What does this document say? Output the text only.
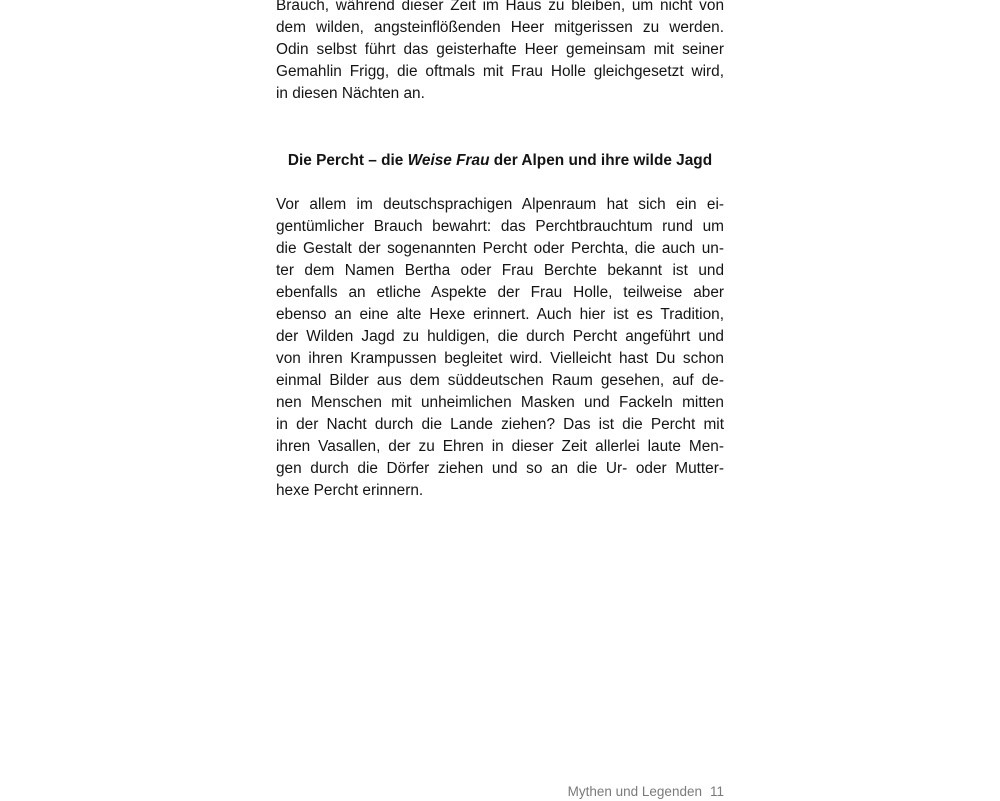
Brauch, während dieser Zeit im Haus zu bleiben, um nicht von
dem wilden, angsteinflößenden Heer mitgerissen zu werden.
Odin selbst führt das geisterhafte Heer gemeinsam mit seiner
Gemahlin Frigg, die oftmals mit Frau Holle gleichgesetzt wird,
in diesen Nächten an.
Die Percht – die Weise Frau der Alpen und ihre wilde Jagd
Vor allem im deutschsprachigen Alpenraum hat sich ein ei-
gentümlicher Brauch bewahrt: das Perchtbrauchtum rund um
die Gestalt der sogenannten Percht oder Perchta, die auch un-
ter dem Namen Bertha oder Frau Berchte bekannt ist und
ebenfalls an etliche Aspekte der Frau Holle, teilweise aber
ebenso an eine alte Hexe erinnert. Auch hier ist es Tradition,
der Wilden Jagd zu huldigen, die durch Percht angeführt und
von ihren Krampussen begleitet wird. Vielleicht hast Du schon
einmal Bilder aus dem süddeutschen Raum gesehen, auf de-
nen Menschen mit unheimlichen Masken und Fackeln mitten
in der Nacht durch die Lande ziehen? Das ist die Percht mit
ihren Vasallen, der zu Ehren in dieser Zeit allerlei laute Men-
gen durch die Dörfer ziehen und so an die Ur- oder Mutter-
hexe Percht erinnern.
Mythen und Legenden 11
